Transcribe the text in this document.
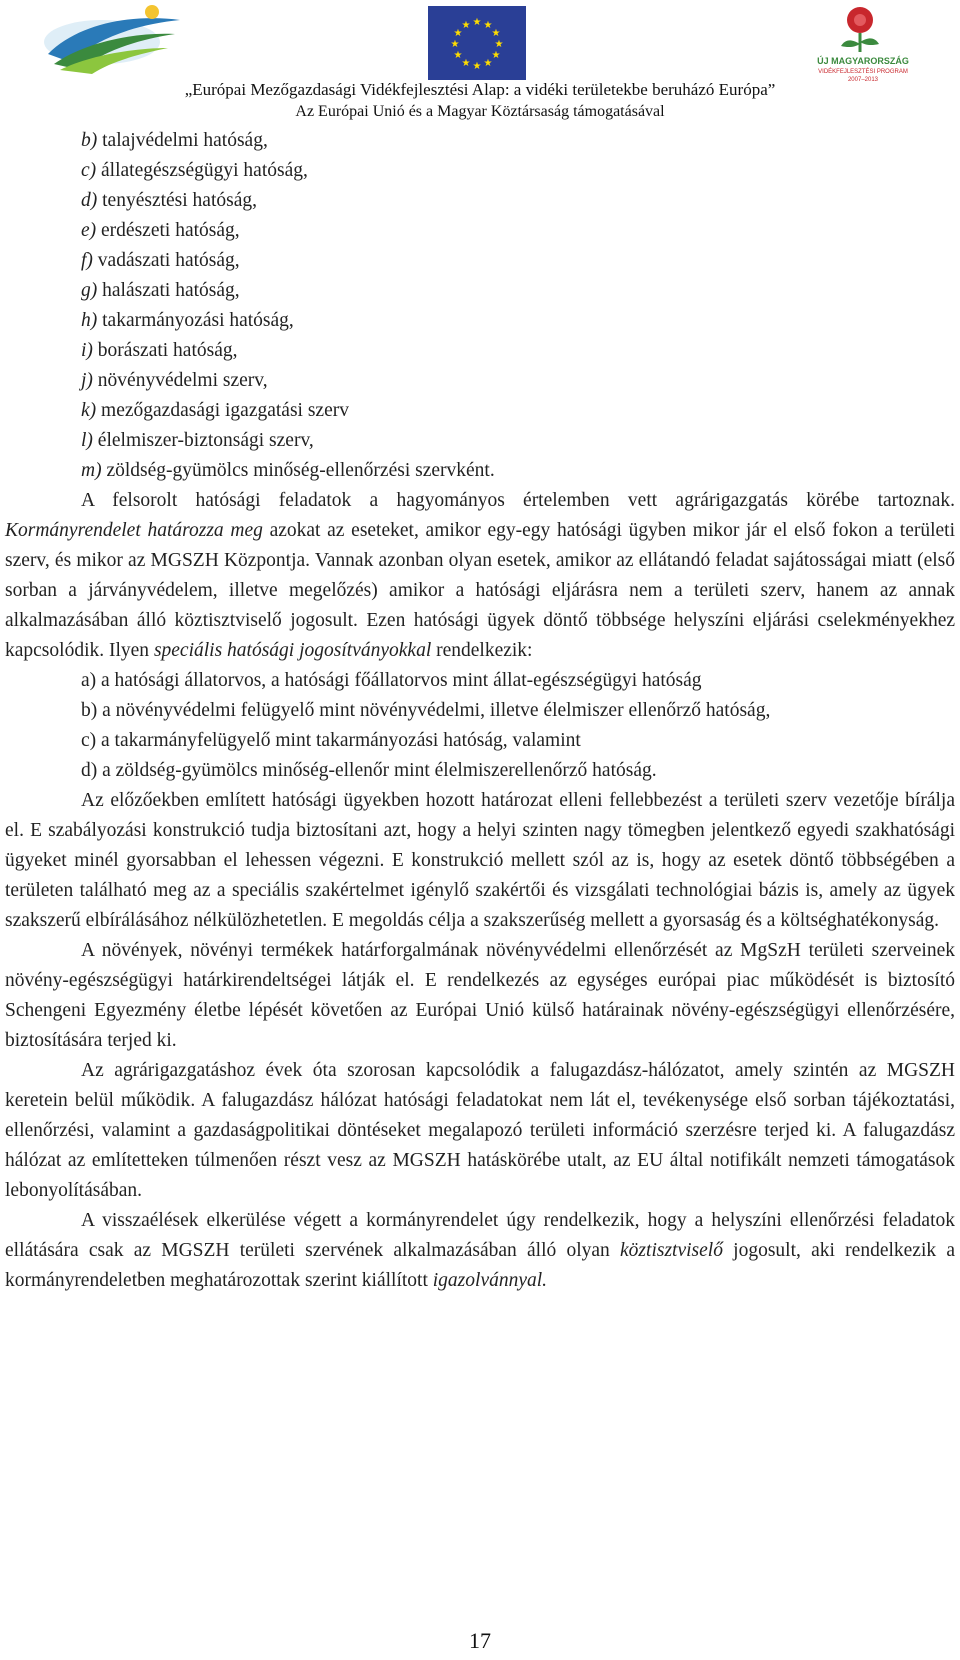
★ ★
★
★
★
★
★
★
★
★
★
★
ÚJ MAGYARORSZÁG
VIDÉKFEJLESZTÉSI PROGRAM
2007–2013
„Európai Mezőgazdasági Vidékfejlesztési Alap: a vidéki területekbe beruházó Európa”
Az Európai Unió és a Magyar Köztársaság támogatásával
b) talajvédelmi hatóság,
c) állategészségügyi hatóság,
d) tenyésztési hatóság,
e) erdészeti hatóság,
f) vadászati hatóság,
g) halászati hatóság,
h) takarmányozási hatóság,
i) borászati hatóság,
j) növényvédelmi szerv,
k) mezőgazdasági igazgatási szerv
l) élelmiszer-biztonsági szerv,
m) zöldség-gyümölcs minőség-ellenőrzési szervként.

A felsorolt hatósági feladatok a hagyományos értelemben vett agrárigazgatás körébe tartoznak. Kormányrendelet határozza meg azokat az eseteket, amikor egy-egy hatósági ügyben mikor jár el első fokon a területi szerv, és mikor az MGSZH Központja. Vannak azonban olyan esetek, amikor az ellátandó feladat sajátosságai miatt (első sorban a járványvédelem, illetve megelőzés) amikor a hatósági eljárásra nem a területi szerv, hanem az annak alkalmazásában álló köztisztviselő jogosult. Ezen hatósági ügyek döntő többsége helyszíni eljárási cselekményekhez kapcsolódik. Ilyen speciális hatósági jogosítványokkal rendelkezik:

a) a hatósági állatorvos, a hatósági főállatorvos mint állat-egészségügyi hatóság

b) a növényvédelmi felügyelő mint növényvédelmi, illetve élelmiszer ellenőrző hatóság,

c) a takarmányfelügyelő mint takarmányozási hatóság, valamint

d) a zöldség-gyümölcs minőség-ellenőr mint élelmiszerellenőrző hatóság.

Az előzőekben említett hatósági ügyekben hozott határozat elleni fellebbezést a területi szerv vezetője bírálja el. E szabályozási konstrukció tudja biztosítani azt, hogy a helyi szinten nagy tömegben jelentkező egyedi szakhatósági ügyeket minél gyorsabban el lehessen végezni. E konstrukció mellett szól az is, hogy az esetek döntő többségében a területen található meg az a speciális szakértelmet igénylő szakértői és vizsgálati technológiai bázis is, amely az ügyek szakszerű elbírálásához nélkülözhetetlen. E megoldás célja a szakszerűség mellett a gyorsaság és a költséghatékonyság.

A növények, növényi termékek határforgalmának növényvédelmi ellenőrzését az MgSzH területi szerveinek növény-egészségügyi határkirendeltségei látják el. E rendelkezés az egységes európai piac működését is biztosító Schengeni Egyezmény életbe lépését követően az Európai Unió külső határainak növény-egészségügyi ellenőrzésére, biztosítására terjed ki.

Az agrárigazgatáshoz évek óta szorosan kapcsolódik a falugazdász-hálózatot, amely szintén az MGSZH keretein belül működik. A falugazdász hálózat hatósági feladatokat nem lát el, tevékenysége első sorban tájékoztatási, ellenőrzési, valamint a gazdaságpolitikai döntéseket megalapozó területi információ szerzésre terjed ki. A falugazdász hálózat az említetteken túlmenően részt vesz az MGSZH hatáskörébe utalt, az EU által notifikált nemzeti támogatások lebonyolításában.

A visszaélések elkerülése végett a kormányrendelet úgy rendelkezik, hogy a helyszíni ellenőrzési feladatok ellátására csak az MGSZH területi szervének alkalmazásában álló olyan köztisztviselő jogosult, aki rendelkezik a kormányrendeletben meghatározottak szerint kiállított igazolvánnyal.

17
